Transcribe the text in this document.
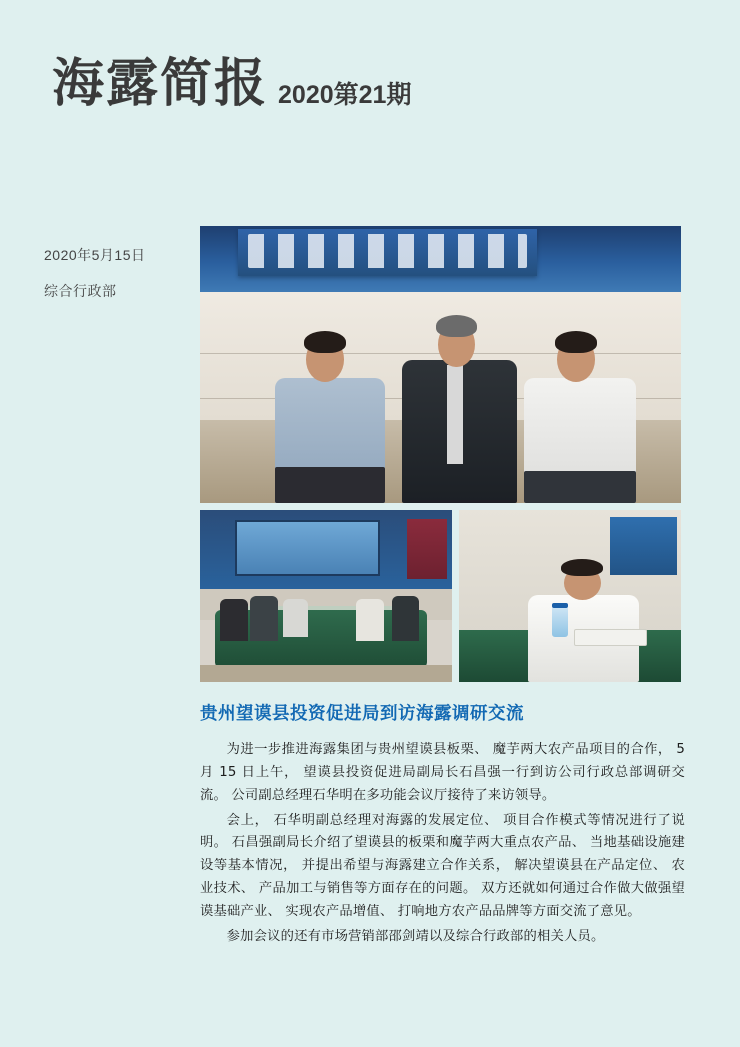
海露简报 2020第21期
2020年5月15日
综合行政部
贵州望谟县投资促进局到访海露调研交流

为进一步推进海露集团与贵州望谟县板栗、 魔芋两大农产品项目的合作， 5 月 15 日上午， 望谟县投资促进局副局长石昌强一行到访公司行政总部调研交流。 公司副总经理石华明在多功能会议厅接待了来访领导。

会上， 石华明副总经理对海露的发展定位、 项目合作模式等情况进行了说明。 石昌强副局长介绍了望谟县的板栗和魔芋两大重点农产品、 当地基础设施建设等基本情况， 并提出希望与海露建立合作关系， 解决望谟县在产品定位、 农业技术、 产品加工与销售等方面存在的问题。 双方还就如何通过合作做大做强望谟基础产业、 实现农产品增值、 打响地方农产品品牌等方面交流了意见。

参加会议的还有市场营销部邵剑靖以及综合行政部的相关人员。
